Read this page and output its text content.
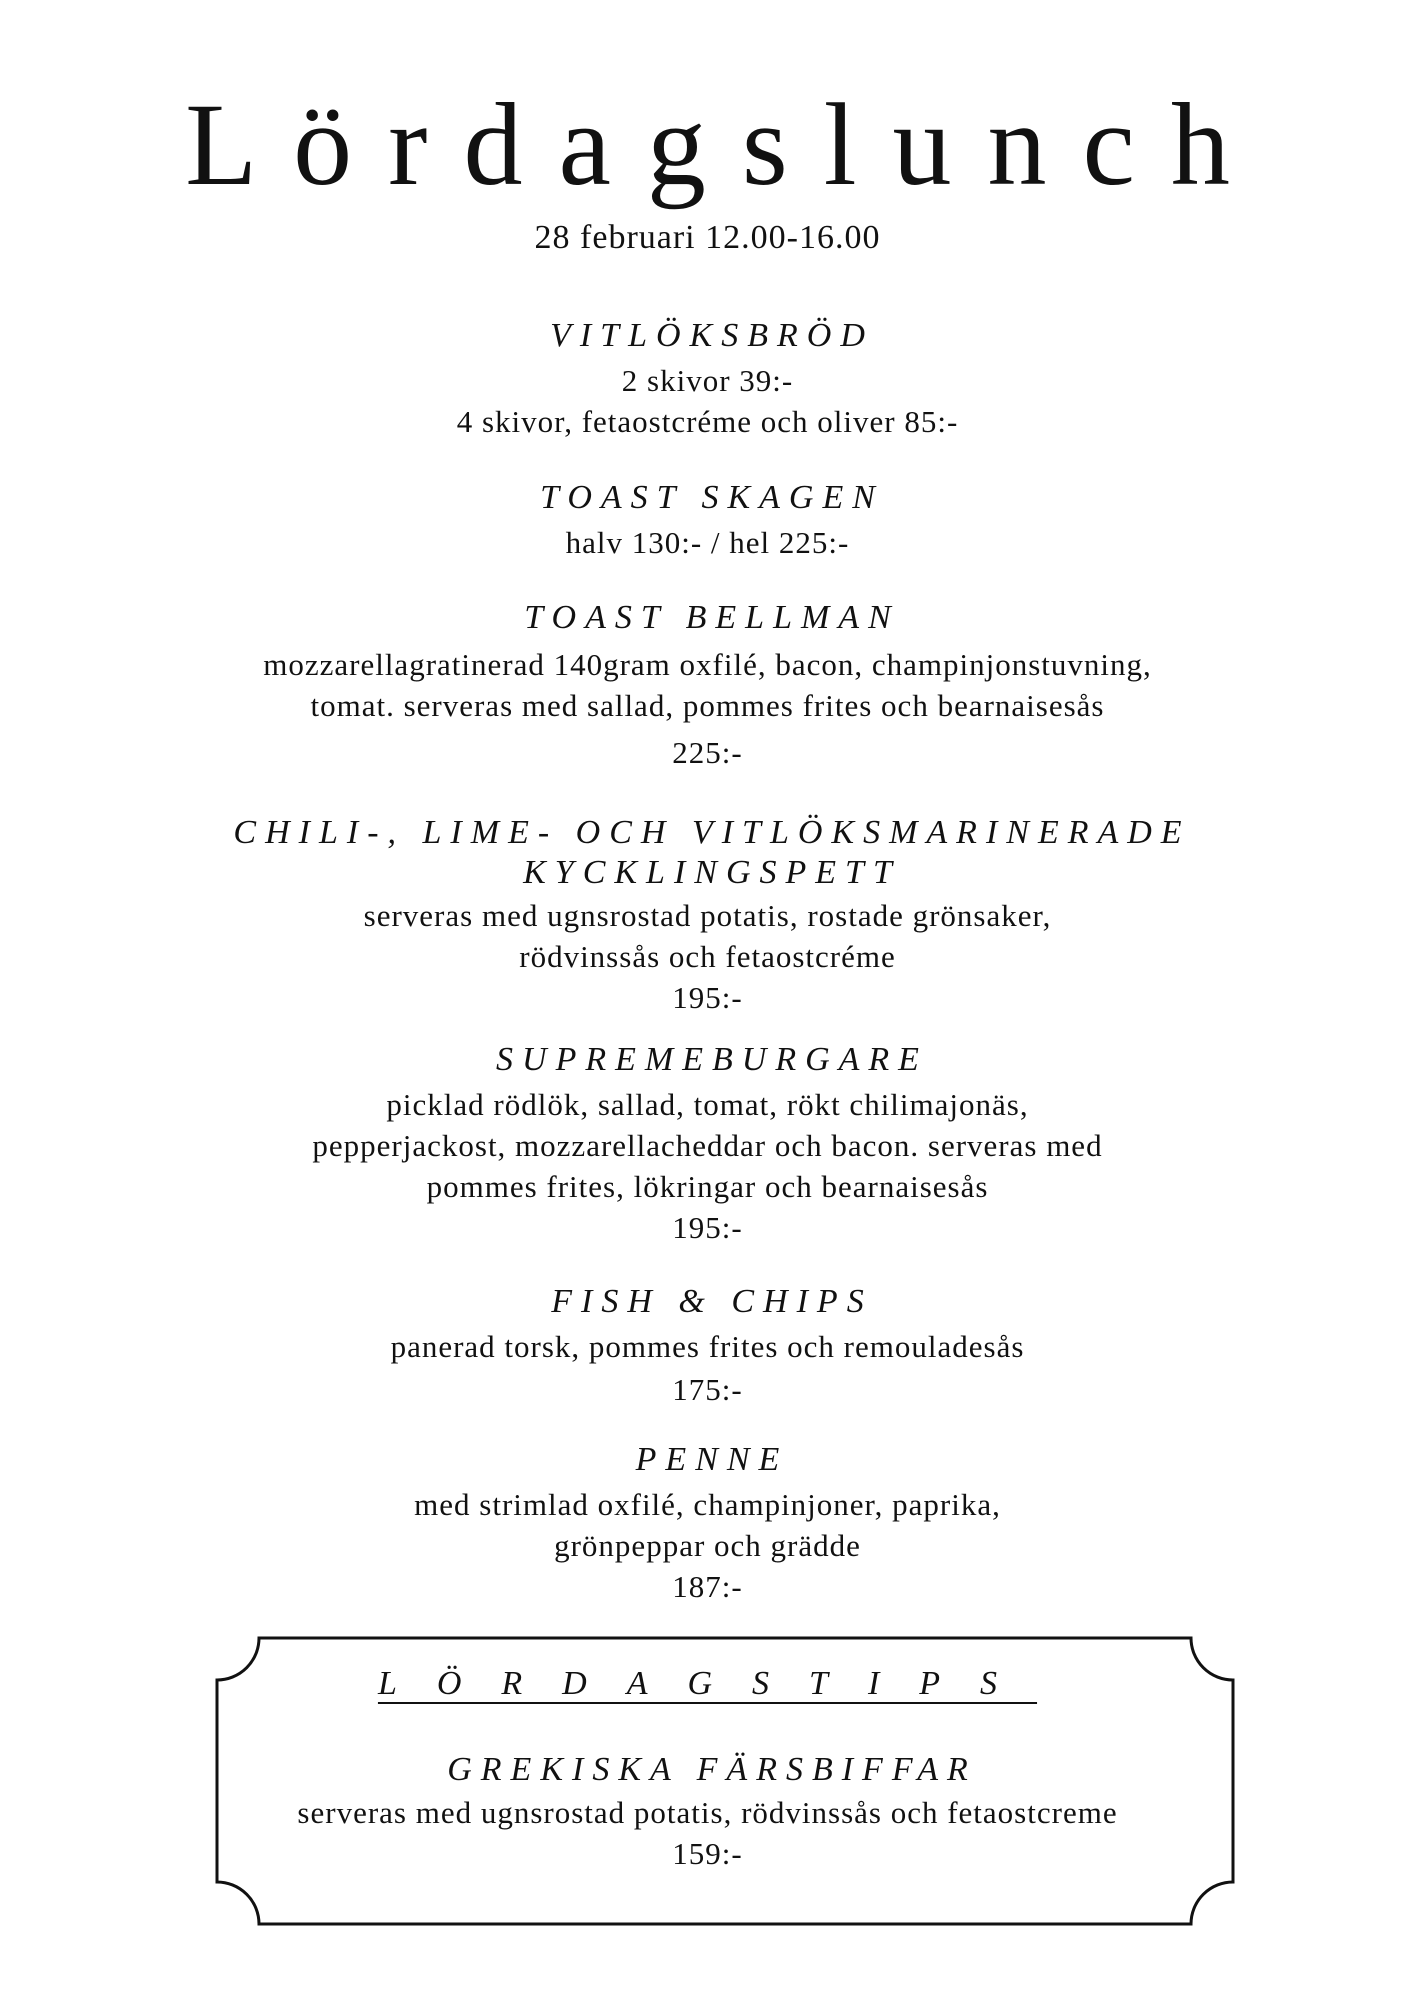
Lördagslunch
28 februari 12.00-16.00
VITLÖKSBRÖD
2 skivor 39:-
4 skivor, fetaostcréme och oliver 85:-
TOAST SKAGEN
halv 130:- / hel 225:-
TOAST BELLMAN
mozzarellagratinerad 140gram oxfilé, bacon, champinjonstuvning,
tomat. serveras med sallad, pommes frites och bearnaisesås
225:-
CHILI-, LIME- OCH VITLÖKSMARINERADE
KYCKLINGSPETT
serveras med ugnsrostad potatis, rostade grönsaker,
rödvinssås och fetaostcréme
195:-
SUPREMEBURGARE
picklad rödlök, sallad, tomat, rökt chilimajonäs,
pepperjackost, mozzarellacheddar och bacon. serveras med
pommes frites, lökringar och bearnaisesås
195:-
FISH & CHIPS
panerad torsk, pommes frites och remouladesås
175:-
PENNE
med strimlad oxfilé, champinjoner, paprika,
grönpeppar och grädde
187:-
LÖRDAGSTIPS
GREKISKA FÄRSBIFFAR
serveras med ugnsrostad potatis, rödvinssås och fetaostcreme
159:-
